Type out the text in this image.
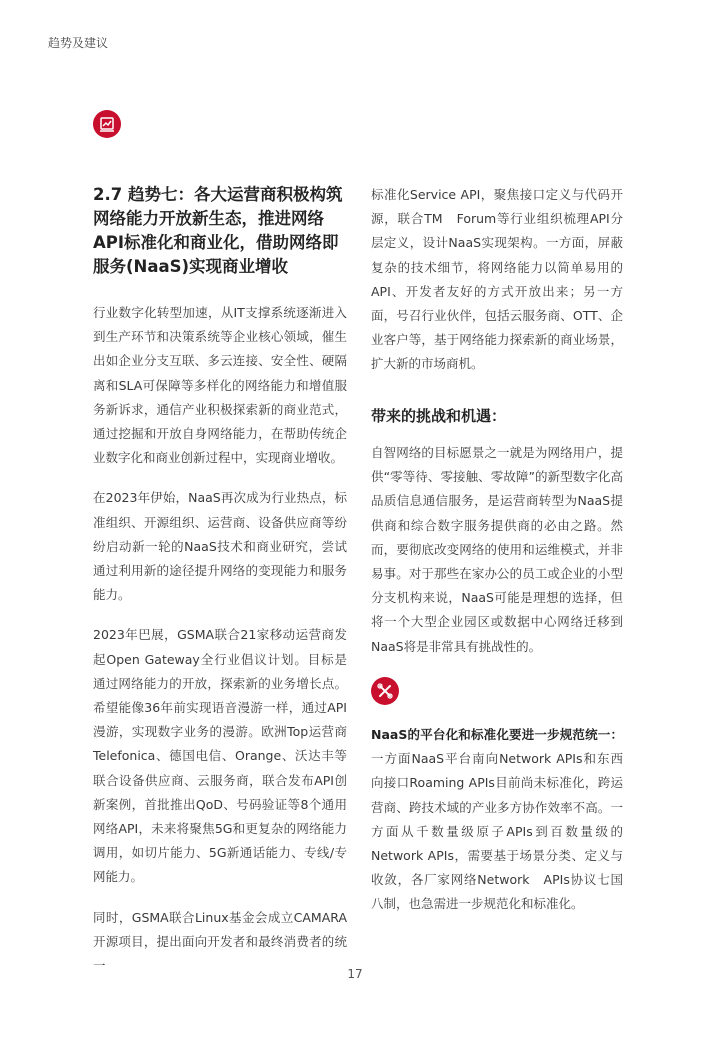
趋势及建议
2.7 趋势七：各大运营商积极构筑网络能力开放新生态，推进网络API标准化和商业化，借助网络即服务(NaaS)实现商业增收

行业数字化转型加速，从IT支撑系统逐渐进入到生产环节和决策系统等企业核心领域，催生出如企业分支互联、多云连接、安全性、硬隔离和SLA可保障等多样化的网络能力和增值服务新诉求，通信产业积极探索新的商业范式，通过挖掘和开放自身网络能力，在帮助传统企业数字化和商业创新过程中，实现商业增收。

在2023年伊始，NaaS再次成为行业热点，标准组织、开源组织、运营商、设备供应商等纷纷启动新一轮的NaaS技术和商业研究，尝试通过利用新的途径提升网络的变现能力和服务能力。

2023年巴展，GSMA联合21家移动运营商发起Open Gateway全行业倡议计划。目标是通过网络能力的开放，探索新的业务增长点。希望能像36年前实现语音漫游一样，通过API漫游，实现数字业务的漫游。欧洲Top运营商Telefonica、德国电信、Orange、沃达丰等联合设备供应商、云服务商，联合发布API创新案例，首批推出QoD、号码验证等8个通用网络API，未来将聚焦5G和更复杂的网络能力调用，如切片能力、5G新通话能力、专线/专网能力。

同时，GSMA联合Linux基金会成立CAMARA开源项目，提出面向开发者和最终消费者的统一

标准化Service API，聚焦接口定义与代码开源，联合TM　Forum等行业组织梳理API分层定义，设计NaaS实现架构。一方面，屏蔽复杂的技术细节，将网络能力以简单易用的API、开发者友好的方式开放出来；另一方面，号召行业伙伴，包括云服务商、OTT、企业客户等，基于网络能力探索新的商业场景，扩大新的市场商机。

带来的挑战和机遇：

自智网络的目标愿景之一就是为网络用户，提供“零等待、零接触、零故障”的新型数字化高品质信息通信服务，是运营商转型为NaaS提供商和综合数字服务提供商的必由之路。然而，要彻底改变网络的使用和运维模式，并非易事。对于那些在家办公的员工或企业的小型分支机构来说，NaaS可能是理想的选择，但将一个大型企业园区或数据中心网络迁移到NaaS将是非常具有挑战性的。

NaaS的平台化和标准化要进一步规范统一：一方面NaaS平台南向Network APIs和东西向接口Roaming APIs目前尚未标准化，跨运营商、跨技术域的产业多方协作效率不高。一方面从千数量级原子APIs到百数量级的Network APIs，需要基于场景分类、定义与收敛，各厂家网络Network　APIs协议七国八制，也急需进一步规范化和标准化。

17
